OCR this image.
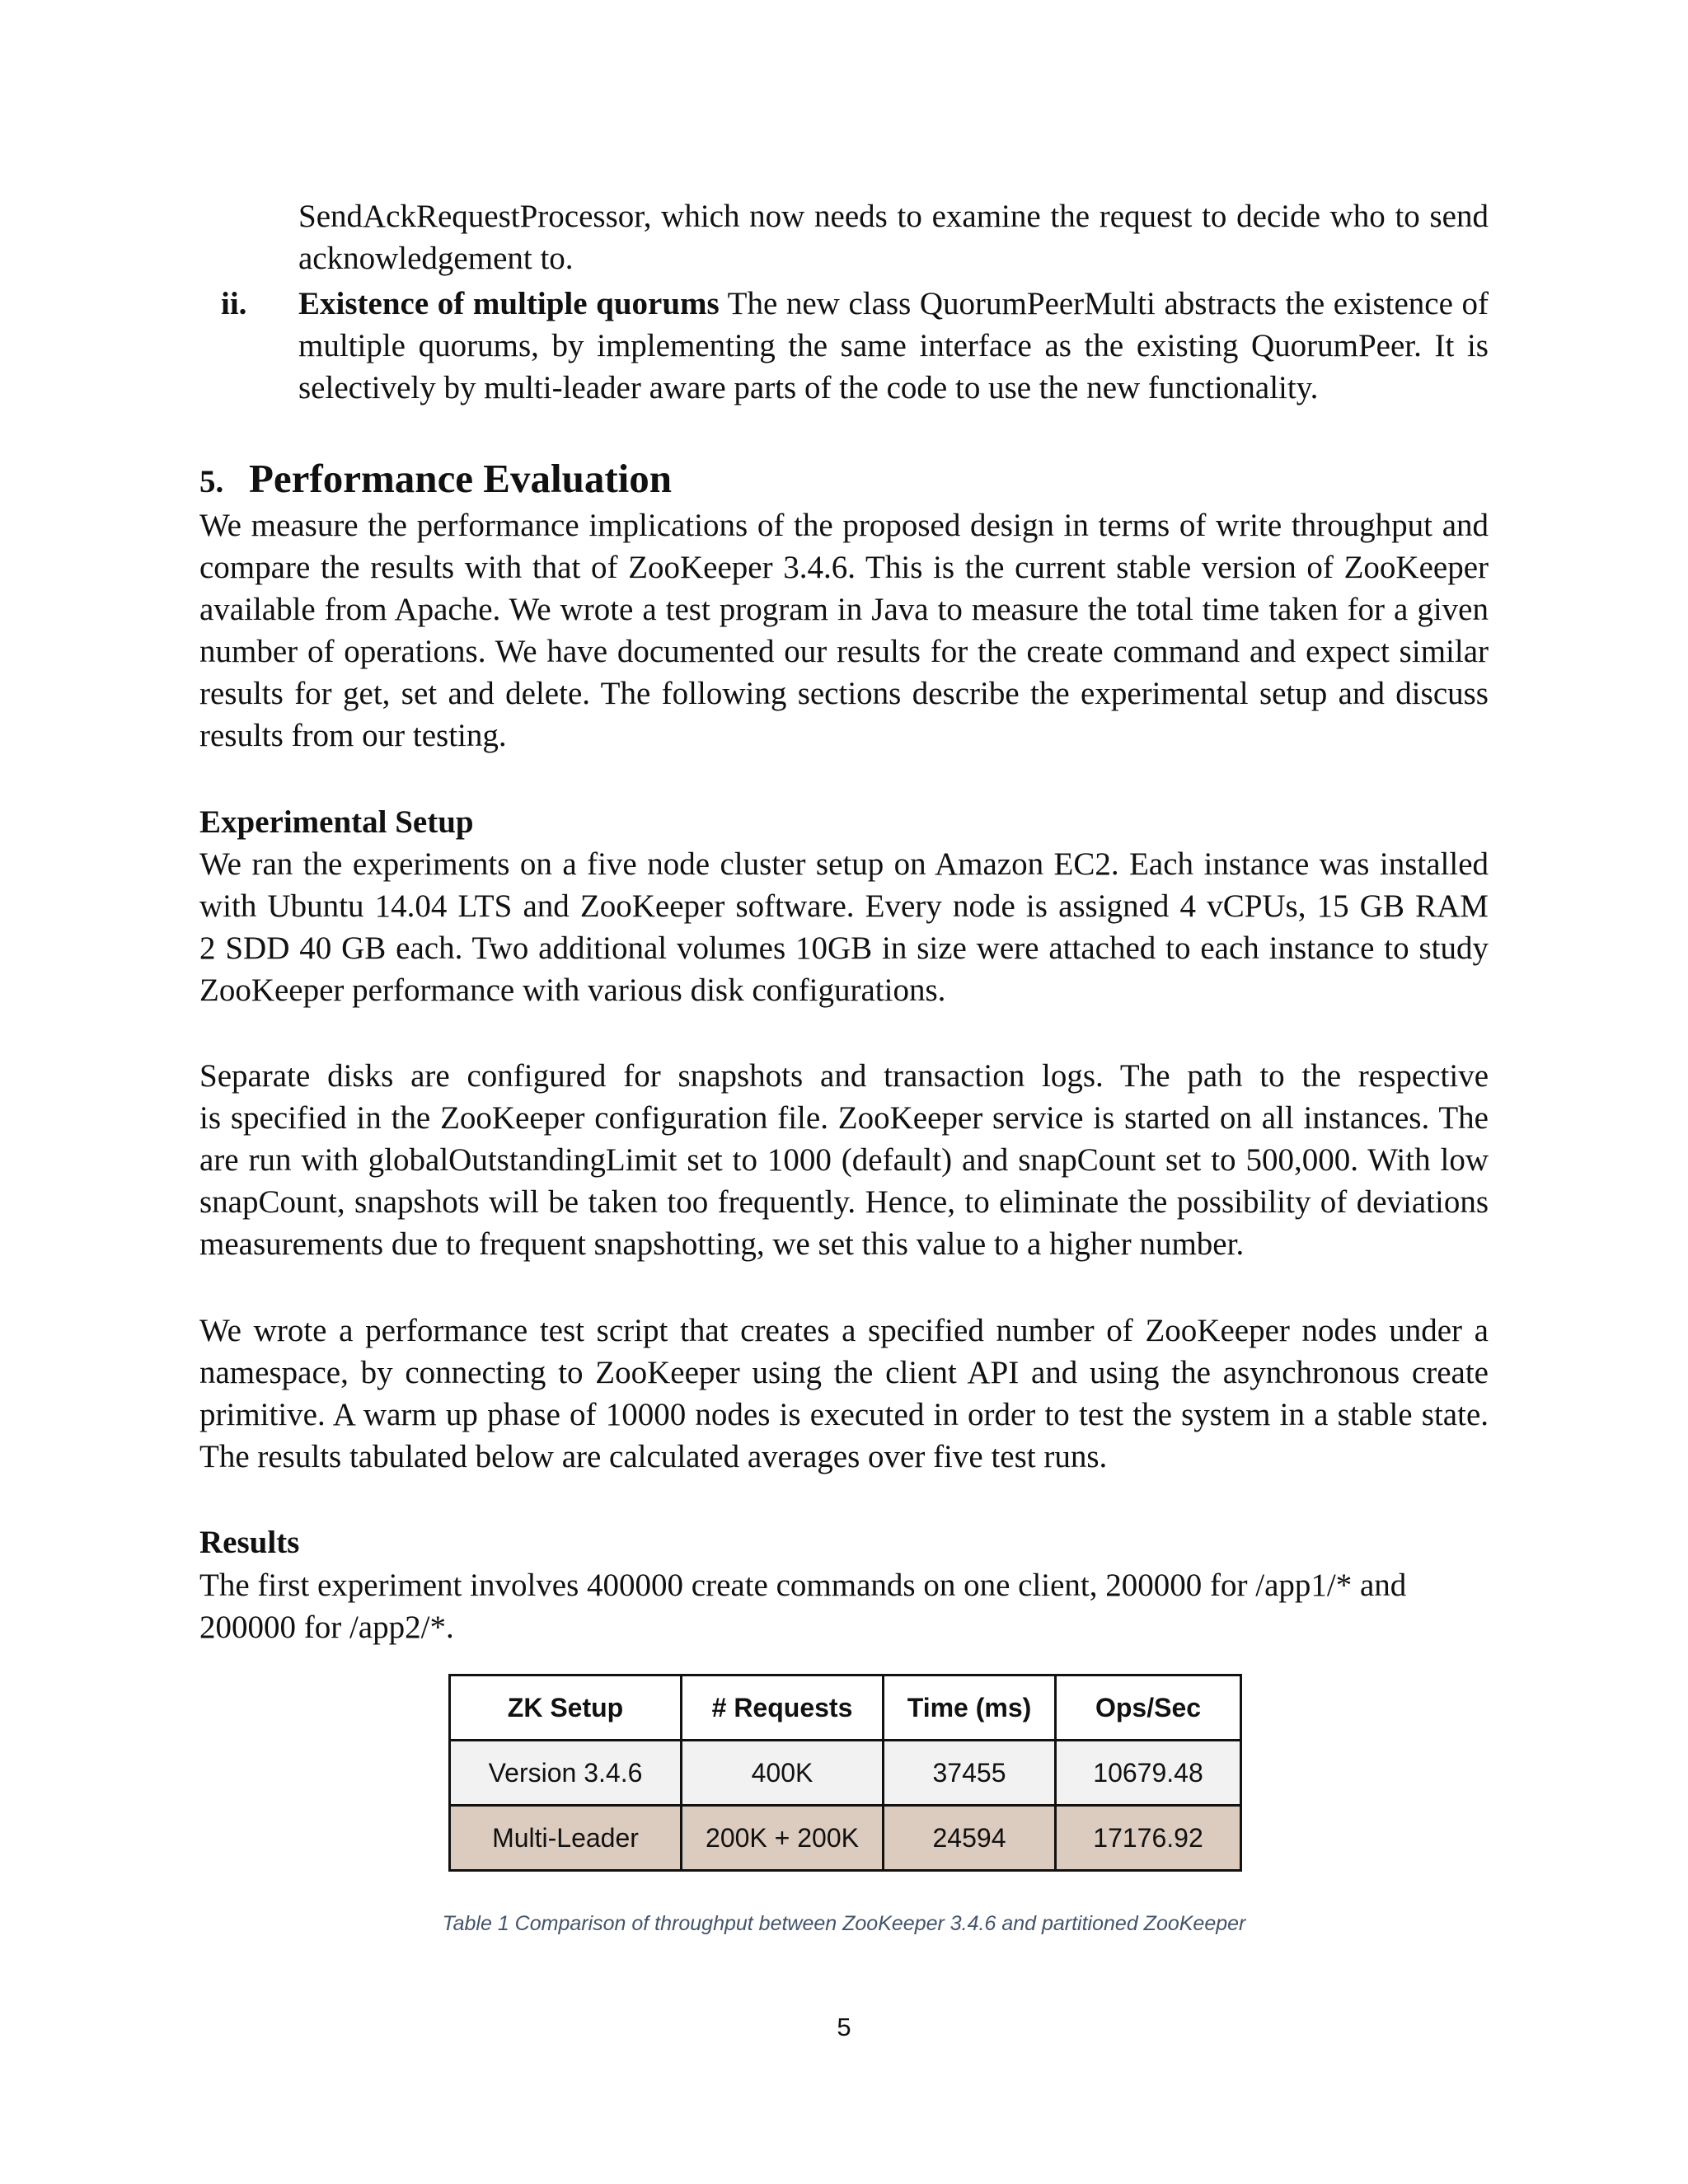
SendAckRequestProcessor, which now needs to examine the request to decide who to send
acknowledgement to.
ii. Existence of multiple quorums The new class QuorumPeerMulti abstracts the existence of
multiple quorums, by implementing the same interface as the existing QuorumPeer. It is
selectively by multi-leader aware parts of the code to use the new functionality.
5. Performance Evaluation
We measure the performance implications of the proposed design in terms of write throughput and
compare the results with that of ZooKeeper 3.4.6. This is the current stable version of ZooKeeper
available from Apache. We wrote a test program in Java to measure the total time taken for a given
number of operations. We have documented our results for the create command and expect similar
results for get, set and delete. The following sections describe the experimental setup and discuss
results from our testing.
Experimental Setup
We ran the experiments on a five node cluster setup on Amazon EC2. Each instance was installed
with Ubuntu 14.04 LTS and ZooKeeper software. Every node is assigned 4 vCPUs, 15 GB RAM
2 SDD 40 GB each. Two additional volumes 10GB in size were attached to each instance to study
ZooKeeper performance with various disk configurations.
Separate disks are configured for snapshots and transaction logs. The path to the respective
is specified in the ZooKeeper configuration file. ZooKeeper service is started on all instances. The
are run with globalOutstandingLimit set to 1000 (default) and snapCount set to 500,000. With low
snapCount, snapshots will be taken too frequently. Hence, to eliminate the possibility of deviations
measurements due to frequent snapshotting, we set this value to a higher number.
We wrote a performance test script that creates a specified number of ZooKeeper nodes under a
namespace, by connecting to ZooKeeper using the client API and using the asynchronous create
primitive. A warm up phase of 10000 nodes is executed in order to test the system in a stable state.
The results tabulated below are calculated averages over five test runs.
Results
The first experiment involves 400000 create commands on one client, 200000 for /app1/* and
200000 for /app2/*.
ZK Setup	# Requests	Time (ms)	Ops/Sec
Version 3.4.6	400K	37455	10679.48
Multi-Leader	200K + 200K	24594	17176.92
Table 1 Comparison of throughput between ZooKeeper 3.4.6 and partitioned ZooKeeper
5
